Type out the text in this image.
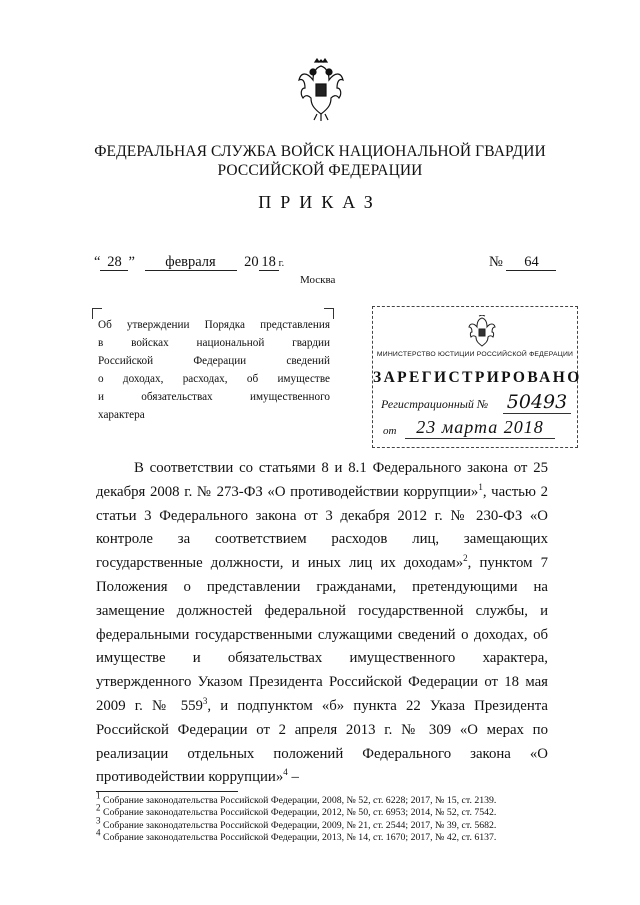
ФЕДЕРАЛЬНАЯ СЛУЖБА ВОЙСК НАЦИОНАЛЬНОЙ ГВАРДИИ
РОССИЙСКОЙ ФЕДЕРАЦИИ
ПРИКАЗ
“ 28 ” февраля 20 18 г.	№ 64
Москва
Об утверждении Порядка представления
в войсках национальной гвардии
Российской Федерации сведений
о доходах, расходах, об имуществе
и обязательствах имущественного
характера
МИНИСТЕРСТВО ЮСТИЦИИ РОССИЙСКОЙ ФЕДЕРАЦИИ
ЗАРЕГИСТРИРОВАНО
Регистрационный № 50493
от	23 марта 2018

В соответствии со статьями 8 и 8.1 Федерального закона от 25 декабря 2008 г. № 273-ФЗ «О противодействии коррупции»$^1$, частью 2 статьи 3 Федерального закона от 3 декабря 2012 г. № 230-ФЗ «О контроле за соответствием расходов лиц, замещающих государственные должности, и иных лиц их доходам»$^2$, пунктом 7 Положения о представлении гражданами, претендующими на замещение должностей федеральной государственной службы, и федеральными государственными служащими сведений о доходах, об имуществе и обязательствах имущественного характера, утвержденного Указом Президента Российской Федерации от 18 мая 2009 г. № $559^3$, и подпунктом «б» пункта 22 Указа Президента Российской Федерации от 2 апреля 2013 г. № 309 «О мерах по реализации отдельных положений Федерального закона «О противодействии коррупции»$^4$ –

$^1$ Собрание законодательства Российской Федерации, 2008, № 52, ст. 6228; 2017, № 15, ст. 2139.
$^2$ Собрание законодательства Российской Федерации, 2012, № 50, ст. 6953; 2014, № 52, ст. 7542.
$^3$ Собрание законодательства Российской Федерации, 2009, № 21, ст. 2544; 2017, № 39, ст. 5682.
$^4$ Собрание законодательства Российской Федерации, 2013, № 14, ст. 1670; 2017, № 42, ст. 6137.
